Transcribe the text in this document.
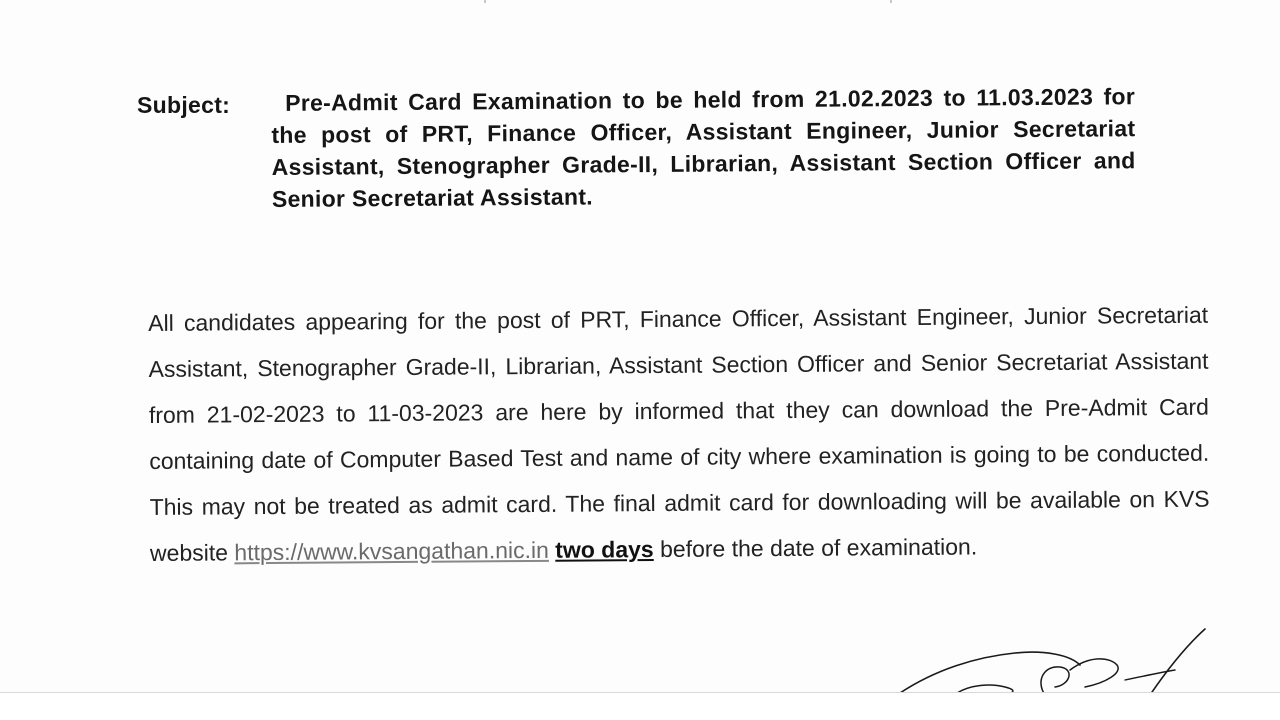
Subject:	Pre-Admit Card Examination to be held from 21.02.2023 to 11.03.2023 for the post of PRT, Finance Officer, Assistant Engineer, Junior Secretariat Assistant, Stenographer Grade-II, Librarian, Assistant Section Officer and Senior Secretariat Assistant.
All candidates appearing for the post of PRT, Finance Officer, Assistant Engineer, Junior Secretariat Assistant, Stenographer Grade-II, Librarian, Assistant Section Officer and Senior Secretariat Assistant from 21-02-2023 to 11-03-2023 are here by informed that they can download the Pre-Admit Card containing date of Computer Based Test and name of city where examination is going to be conducted. This may not be treated as admit card. The final admit card for downloading will be available on KVS website https://www.kvsangathan.nic.in two days before the date of examination.
